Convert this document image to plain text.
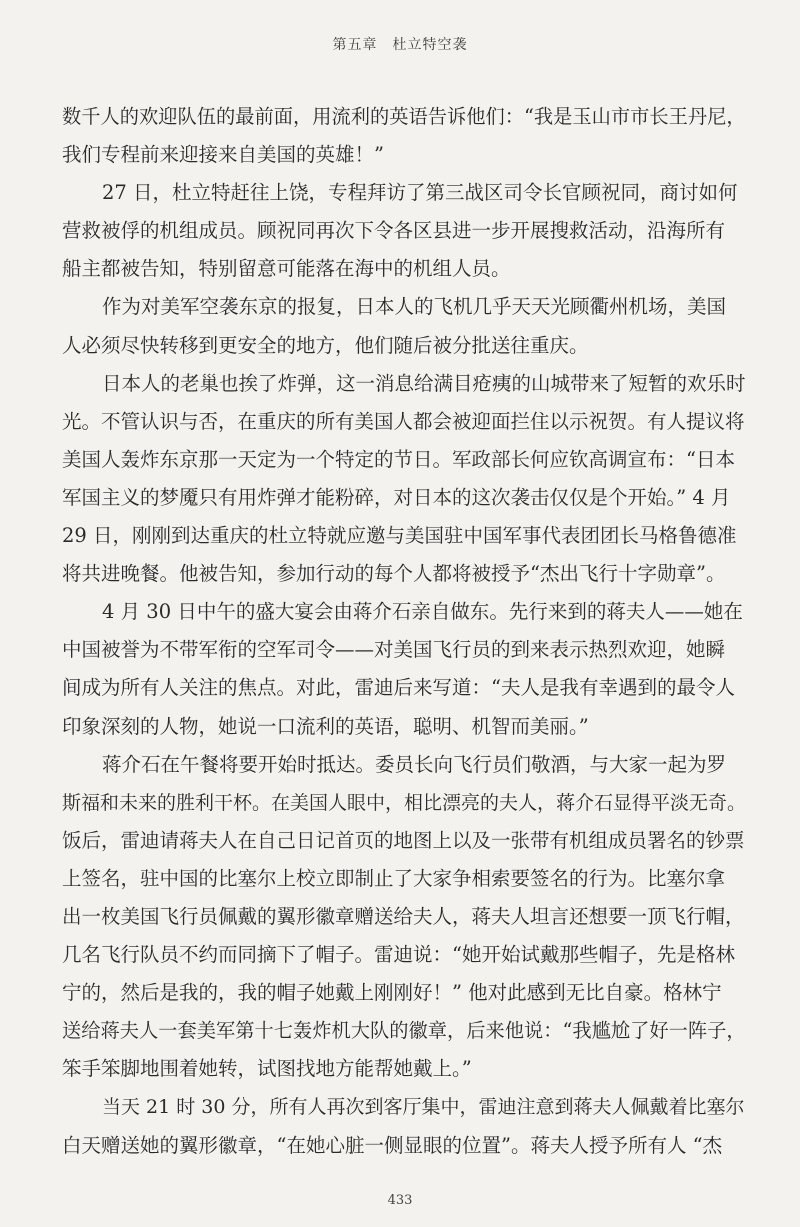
第五章　杜立特空袭
数千人的欢迎队伍的最前面，用流利的英语告诉他们：“我是玉山市市长王丹尼，
我们专程前来迎接来自美国的英雄！”
27 日，杜立特赶往上饶，专程拜访了第三战区司令长官顾祝同，商讨如何
营救被俘的机组成员。顾祝同再次下令各区县进一步开展搜救活动，沿海所有
船主都被告知，特别留意可能落在海中的机组人员。
作为对美军空袭东京的报复，日本人的飞机几乎天天光顾衢州机场，美国
人必须尽快转移到更安全的地方，他们随后被分批送往重庆。
日本人的老巢也挨了炸弹，这一消息给满目疮痍的山城带来了短暂的欢乐时
光。不管认识与否，在重庆的所有美国人都会被迎面拦住以示祝贺。有人提议将
美国人轰炸东京那一天定为一个特定的节日。军政部长何应钦高调宣布：“日本
军国主义的梦魇只有用炸弹才能粉碎，对日本的这次袭击仅仅是个开始。” 4 月
29 日，刚刚到达重庆的杜立特就应邀与美国驻中国军事代表团团长马格鲁德准
将共进晚餐。他被告知，参加行动的每个人都将被授予“杰出飞行十字勋章”。
4 月 30 日中午的盛大宴会由蒋介石亲自做东。先行来到的蒋夫人——她在
中国被誉为不带军衔的空军司令——对美国飞行员的到来表示热烈欢迎，她瞬
间成为所有人关注的焦点。对此，雷迪后来写道：“夫人是我有幸遇到的最令人
印象深刻的人物，她说一口流利的英语，聪明、机智而美丽。”
蒋介石在午餐将要开始时抵达。委员长向飞行员们敬酒，与大家一起为罗
斯福和未来的胜利干杯。在美国人眼中，相比漂亮的夫人，蒋介石显得平淡无奇。
饭后，雷迪请蒋夫人在自己日记首页的地图上以及一张带有机组成员署名的钞票
上签名，驻中国的比塞尔上校立即制止了大家争相索要签名的行为。比塞尔拿
出一枚美国飞行员佩戴的翼形徽章赠送给夫人，蒋夫人坦言还想要一顶飞行帽，
几名飞行队员不约而同摘下了帽子。雷迪说：“她开始试戴那些帽子，先是格林
宁的，然后是我的，我的帽子她戴上刚刚好！” 他对此感到无比自豪。格林宁
送给蒋夫人一套美军第十七轰炸机大队的徽章，后来他说：“我尴尬了好一阵子，
笨手笨脚地围着她转，试图找地方能帮她戴上。”
当天 21 时 30 分，所有人再次到客厅集中，雷迪注意到蒋夫人佩戴着比塞尔
白天赠送她的翼形徽章，“在她心脏一侧显眼的位置”。蒋夫人授予所有人 “杰
433
